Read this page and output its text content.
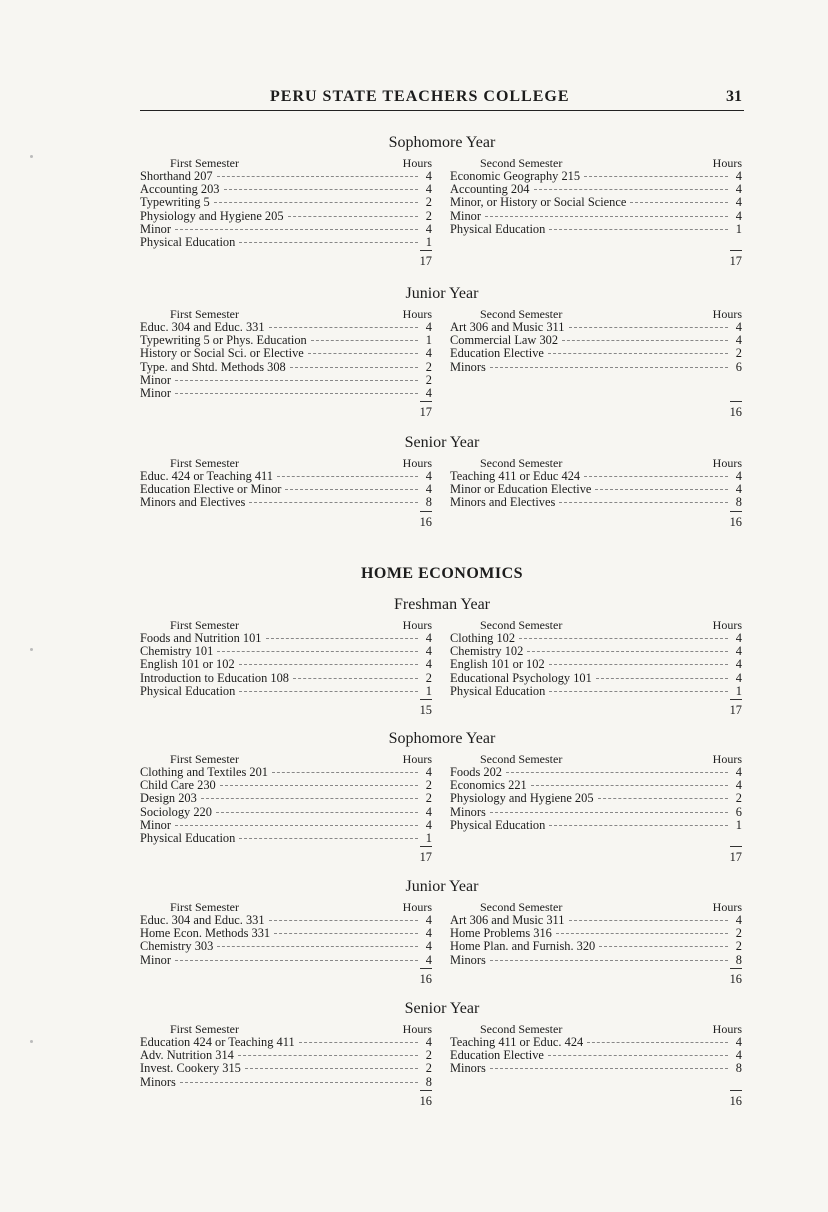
PERU STATE TEACHERS COLLEGE	31
HOME ECONOMICS
Sophomore Year
First Semester	Hours
Shorthand 207	4
Accounting 203	4
Typewriting 5	2
Physiology and Hygiene 205	2
Minor	4
Physical Education	1
17
Second Semester	Hours
Economic Geography 215	4
Accounting 204	4
Minor, or History or Social Science	4
Minor	4
Physical Education	1
17
Junior Year
First Semester	Hours
Educ. 304 and Educ. 331	4
Typewriting 5 or Phys. Education	1
History or Social Sci. or Elective	4
Type. and Shtd. Methods 308	2
Minor	2
Minor	4
17
Second Semester	Hours
Art 306 and Music 311	4
Commercial Law 302	4
Education Elective	2
Minors	6
16
Senior Year
First Semester	Hours
Educ. 424 or Teaching 411	4
Education Elective or Minor	4
Minors and Electives	8
16
Second Semester	Hours
Teaching 411 or Educ 424	4
Minor or Education Elective	4
Minors and Electives	8
16
Freshman Year
First Semester	Hours
Foods and Nutrition 101	4
Chemistry 101	4
English 101 or 102	4
Introduction to Education 108	2
Physical Education	1
15
Second Semester	Hours
Clothing 102	4
Chemistry 102	4
English 101 or 102	4
Educational Psychology 101	4
Physical Education	1
17
Sophomore Year
First Semester	Hours
Clothing and Textiles 201	4
Child Care 230	2
Design 203	2
Sociology 220	4
Minor	4
Physical Education	1
17
Second Semester	Hours
Foods 202	4
Economics 221	4
Physiology and Hygiene 205	2
Minors	6
Physical Education	1
17
Junior Year
First Semester	Hours
Educ. 304 and Educ. 331	4
Home Econ. Methods 331	4
Chemistry 303	4
Minor	4
16
Second Semester	Hours
Art 306 and Music 311	4
Home Problems 316	2
Home Plan. and Furnish. 320	2
Minors	8
16
Senior Year
First Semester	Hours
Education 424 or Teaching 411	4
Adv. Nutrition 314	2
Invest. Cookery 315	2
Minors	8
16
Second Semester	Hours
Teaching 411 or Educ. 424	4
Education Elective	4
Minors	8
16
